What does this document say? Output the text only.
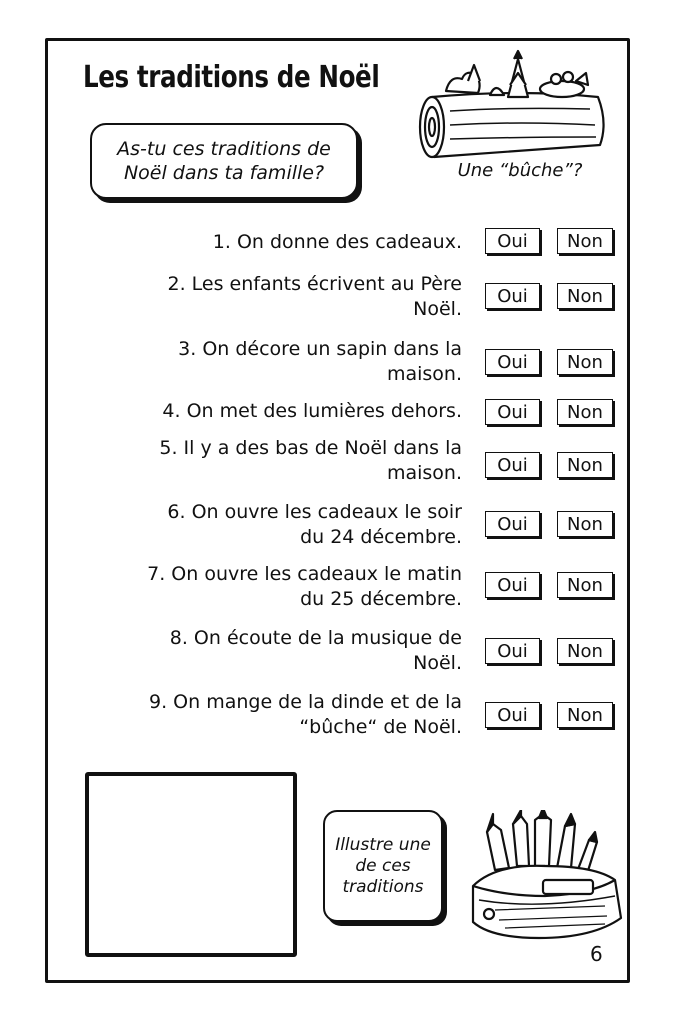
Les traditions de Noël
As-tu ces traditions de Noël dans ta famille?	Une “bûche”?
1. On donne des cadeaux.	Oui	Non
2. Les enfants écrivent au Père
Noël.
Oui	Non
3. On décore un sapin dans la
maison.
Oui	Non
4. On met des lumières dehors.	Oui	Non
5. Il y a des bas de Noël dans la
maison.	Oui	Non
6. On ouvre les cadeaux le soir
du 24 décembre.
Oui	Non
7. On ouvre les cadeaux le matin
du 25 décembre.
Oui	Non
8. On écoute de la musique de
Noël.
Oui	Non
9. On mange de la dinde et de la
“bûche“ de Noël.
Oui	Non
Illustre une de ces traditions
6
